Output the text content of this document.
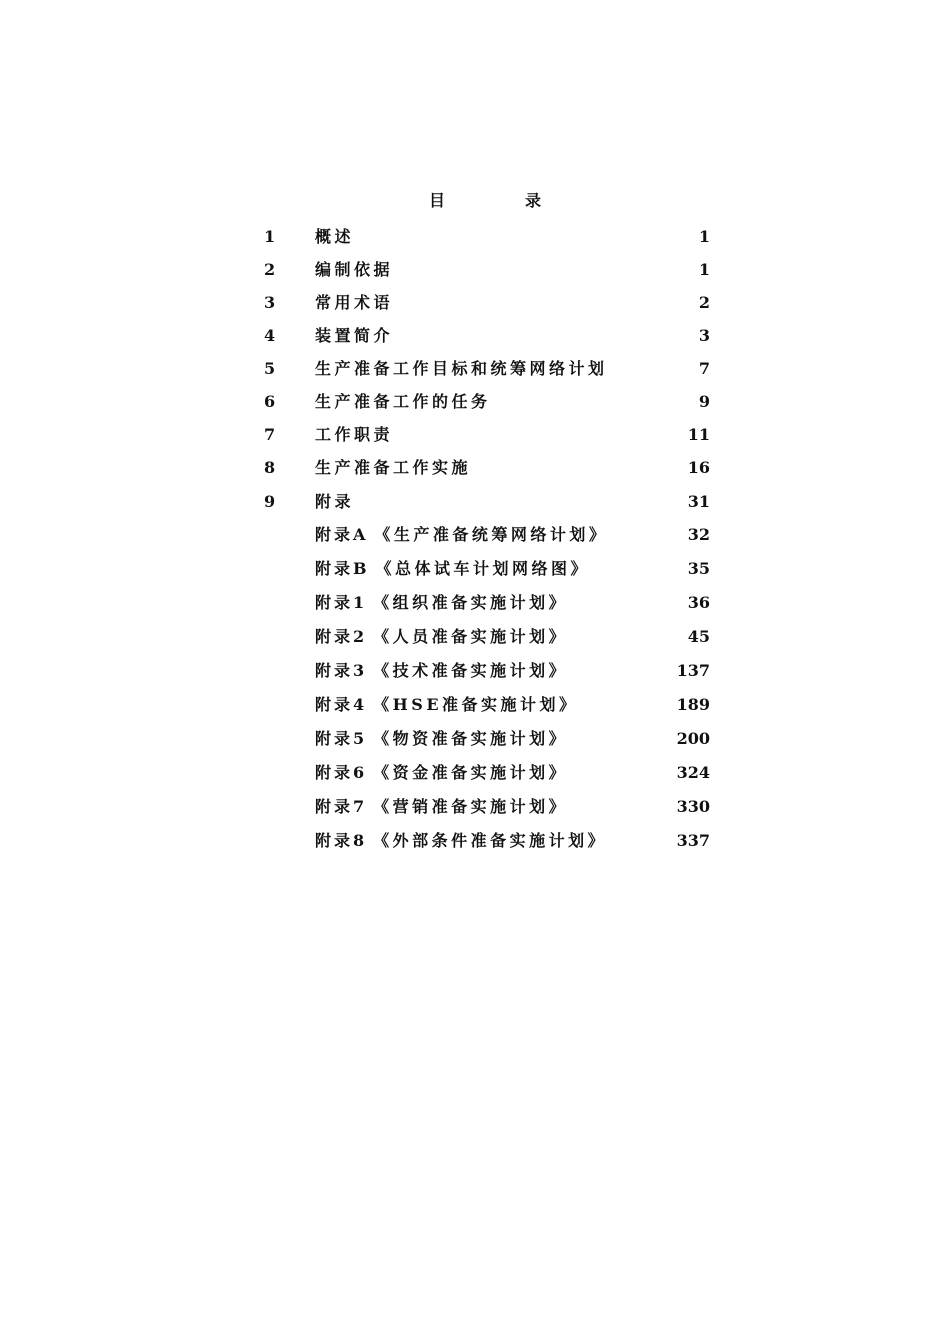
目	录
1	概述	1
2	编制依据	1
3	常用术语	2
4	装置简介	3
5	生产准备工作目标和统筹网络计划	7
6	生产准备工作的任务	9
7	工作职责	11
8	生产准备工作实施	16
9	附录	31
附录A 《生产准备统筹网络计划》	32
附录B 《总体试车计划网络图》	35
附录1 《组织准备实施计划》	36
附录2 《人员准备实施计划》	45
附录3 《技术准备实施计划》	137
附录4 《HSE准备实施计划》	189
附录5 《物资准备实施计划》	200
附录6 《资金准备实施计划》	324
附录7 《营销准备实施计划》	330
附录8 《外部条件准备实施计划》	337
